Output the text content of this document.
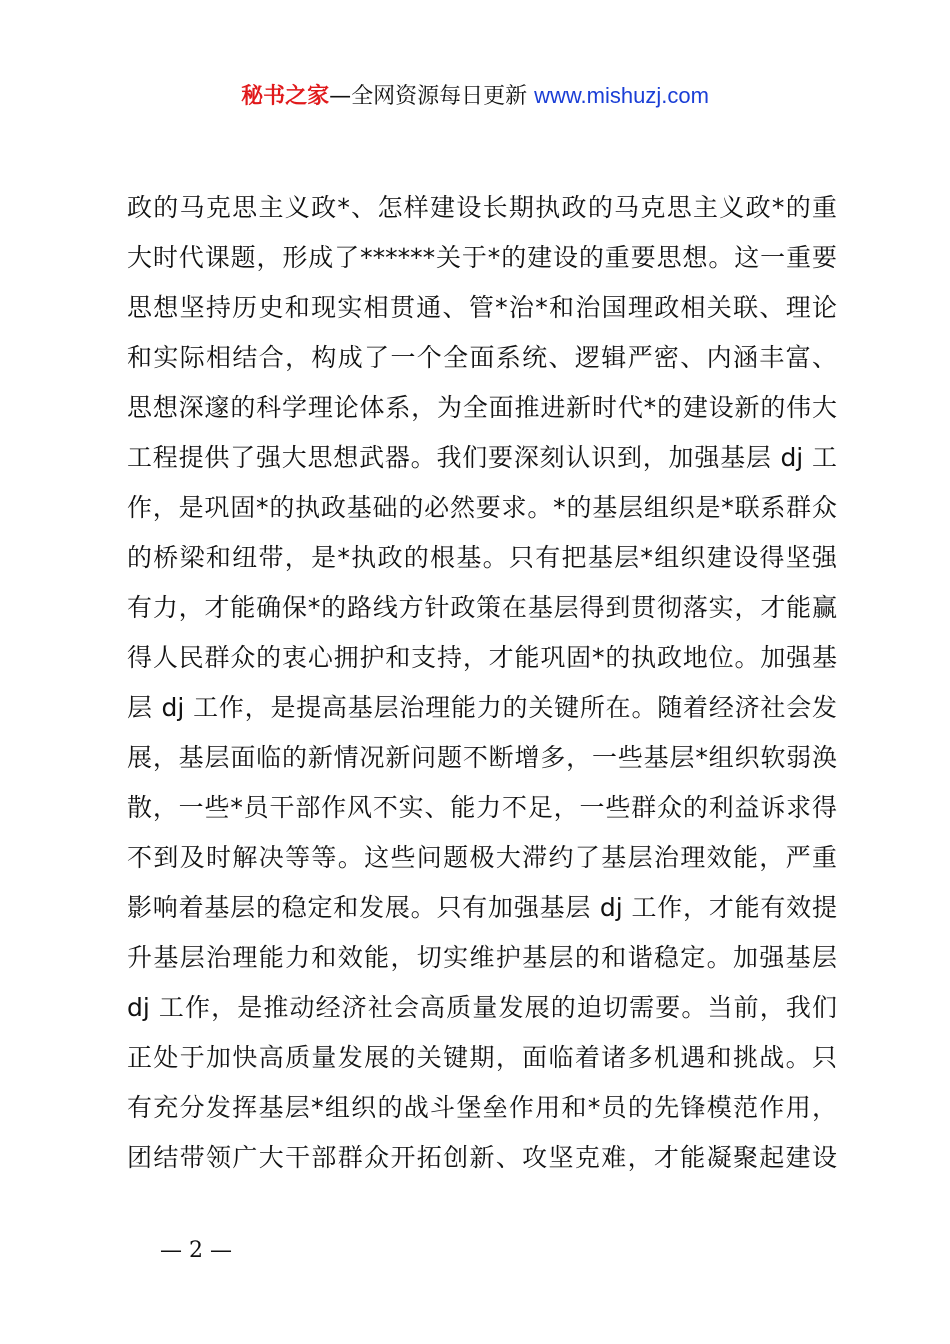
秘书之家—全网资源每日更新 www.mishuzj.com
政的马克思主义政*、怎样建设长期执政的马克思主义政*的重
大时代课题，形成了******关于*的建设的重要思想。这一重要
思想坚持历史和现实相贯通、管*治*和治国理政相关联、理论
和实际相结合，构成了一个全面系统、逻辑严密、内涵丰富、
思想深邃的科学理论体系，为全面推进新时代*的建设新的伟大
工程提供了强大思想武器。我们要深刻认识到，加强基层 dj 工
作，是巩固*的执政基础的必然要求。*的基层组织是*联系群众
的桥梁和纽带，是*执政的根基。只有把基层*组织建设得坚强
有力，才能确保*的路线方针政策在基层得到贯彻落实，才能赢
得人民群众的衷心拥护和支持，才能巩固*的执政地位。加强基
层 dj 工作，是提高基层治理能力的关键所在。随着经济社会发
展，基层面临的新情况新问题不断增多，一些基层*组织软弱涣
散，一些*员干部作风不实、能力不足，一些群众的利益诉求得
不到及时解决等等。这些问题极大滞约了基层治理效能，严重
影响着基层的稳定和发展。只有加强基层 dj 工作，才能有效提
升基层治理能力和效能，切实维护基层的和谐稳定。加强基层
dj 工作，是推动经济社会高质量发展的迫切需要。当前，我们
正处于加快高质量发展的关键期，面临着诸多机遇和挑战。只
有充分发挥基层*组织的战斗堡垒作用和*员的先锋模范作用，
团结带领广大干部群众开拓创新、攻坚克难，才能凝聚起建设
— 2 —
